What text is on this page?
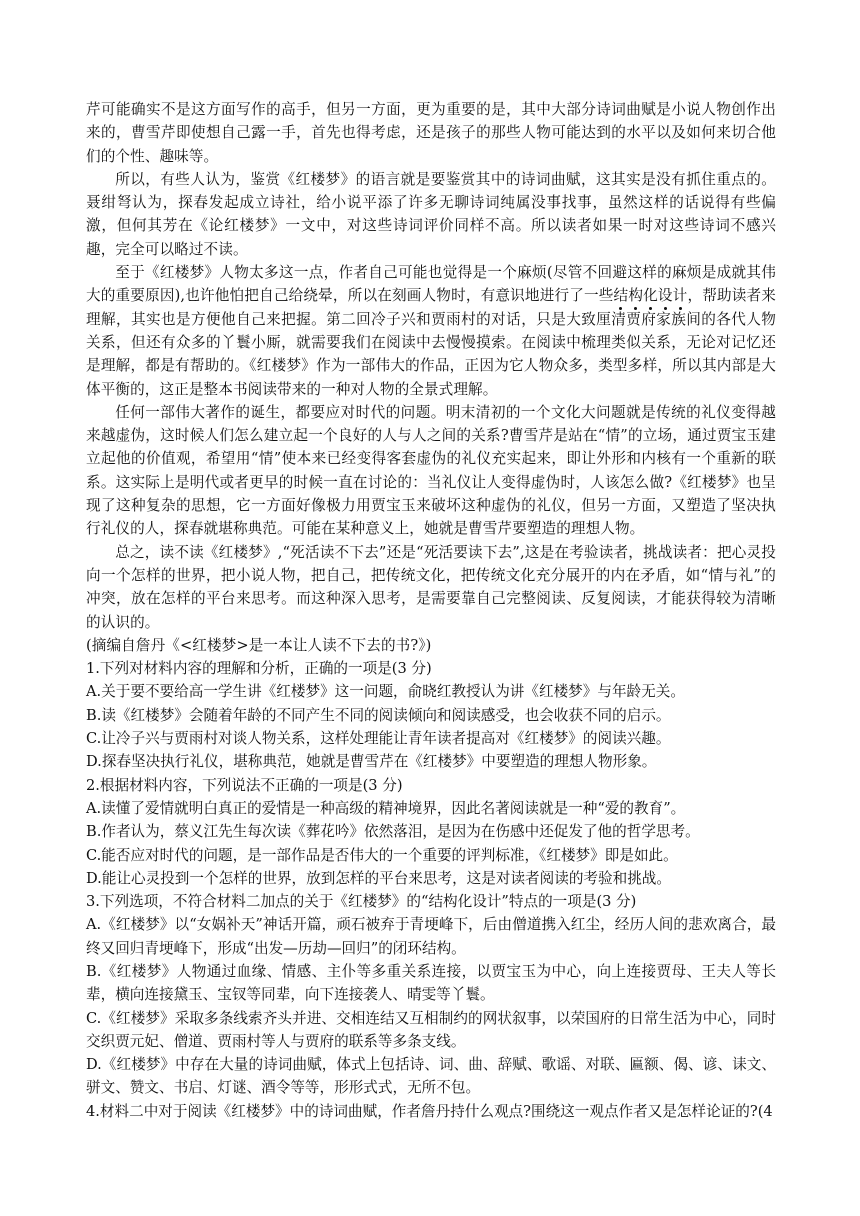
芹可能确实不是这方面写作的高手，但另一方面，更为重要的是，其中大部分诗词曲赋是小说人物创作出来的，曹雪芹即使想自己露一手，首先也得考虑，还是孩子的那些人物可能达到的水平以及如何来切合他们的个性、趣味等。

所以，有些人认为，鉴赏《红楼梦》的语言就是要鉴赏其中的诗词曲赋，这其实是没有抓住重点的。聂绀弩认为，探春发起成立诗社，给小说平添了许多无聊诗词纯属没事找事，虽然这样的话说得有些偏激，但何其芳在《论红楼梦》一文中，对这些诗词评价同样不高。所以读者如果一时对这些诗词不感兴趣，完全可以略过不读。

至于《红楼梦》人物太多这一点，作者自己可能也觉得是一个麻烦(尽管不回避这样的麻烦是成就其伟大的重要原因),也许他怕把自己给绕晕，所以在刻画人物时，有意识地进行了一些结构化设计，帮助读者来理解，其实也是方便他自己来把握。第二回冷子兴和贾雨村的对话，只是大致厘清贾府家族间的各代人物关系，但还有众多的丫鬟小厮，就需要我们在阅读中去慢慢摸索。在阅读中梳理类似关系，无论对记忆还是理解，都是有帮助的。《红楼梦》作为一部伟大的作品，正因为它人物众多，类型多样，所以其内部是大体平衡的，这正是整本书阅读带来的一种对人物的全景式理解。

任何一部伟大著作的诞生，都要应对时代的问题。明末清初的一个文化大问题就是传统的礼仪变得越来越虚伪，这时候人们怎么建立起一个良好的人与人之间的关系?曹雪芹是站在“情”的立场，通过贾宝玉建立起他的价值观，希望用“情”使本来已经变得客套虚伪的礼仪充实起来，即让外形和内核有一个重新的联系。这实际上是明代或者更早的时候一直在讨论的：当礼仪让人变得虚伪时，人该怎么做?《红楼梦》也呈现了这种复杂的思想，它一方面好像极力用贾宝玉来破坏这种虚伪的礼仪，但另一方面，又塑造了坚决执行礼仪的人，探春就堪称典范。可能在某种意义上，她就是曹雪芹要塑造的理想人物。

总之，读不读《红楼梦》,“死活读不下去”还是“死活要读下去”,这是在考验读者，挑战读者：把心灵投向一个怎样的世界，把小说人物，把自己，把传统文化，把传统文化充分展开的内在矛盾，如“情与礼”的冲突，放在怎样的平台来思考。而这种深入思考，是需要靠自己完整阅读、反复阅读，才能获得较为清晰的认识的。

(摘编自詹丹《<红楼梦>是一本让人读不下去的书?》)

1.下列对材料内容的理解和分析，正确的一项是(3 分)

A.关于要不要给高一学生讲《红楼梦》这一问题，俞晓红教授认为讲《红楼梦》与年龄无关。

B.读《红楼梦》会随着年龄的不同产生不同的阅读倾向和阅读感受，也会收获不同的启示。

C.让冷子兴与贾雨村对谈人物关系，这样处理能让青年读者提高对《红楼梦》的阅读兴趣。

D.探春坚决执行礼仪，堪称典范，她就是曹雪芹在《红楼梦》中要塑造的理想人物形象。

2.根据材料内容，下列说法不正确的一项是(3 分)

A.读懂了爱情就明白真正的爱情是一种高级的精神境界，因此名著阅读就是一种“爱的教育”。

B.作者认为，蔡义江先生每次读《葬花吟》依然落泪，是因为在伤感中还促发了他的哲学思考。

C.能否应对时代的问题，是一部作品是否伟大的一个重要的评判标准，《红楼梦》即是如此。

D.能让心灵投到一个怎样的世界，放到怎样的平台来思考，这是对读者阅读的考验和挑战。

3.下列选项，不符合材料二加点的关于《红楼梦》的“结构化设计”特点的一项是(3 分)

A.《红楼梦》以“女娲补天”神话开篇，顽石被弃于青埂峰下，后由僧道携入红尘，经历人间的悲欢离合，最终又回归青埂峰下，形成“出发—历劫—回归”的闭环结构。

B.《红楼梦》人物通过血缘、情感、主仆等多重关系连接，以贾宝玉为中心，向上连接贾母、王夫人等长辈，横向连接黛玉、宝钗等同辈，向下连接袭人、晴雯等丫鬟。

C.《红楼梦》采取多条线索齐头并进、交相连结又互相制约的网状叙事，以荣国府的日常生活为中心，同时交织贾元妃、僧道、贾雨村等人与贾府的联系等多条支线。

D.《红楼梦》中存在大量的诗词曲赋，体式上包括诗、词、曲、辞赋、歌谣、对联、匾额、偈、谚、诔文、骈文、赞文、书启、灯谜、酒令等等，形形式式，无所不包。

4.材料二中对于阅读《红楼梦》中的诗词曲赋，作者詹丹持什么观点?围绕这一观点作者又是怎样论证的?(4
